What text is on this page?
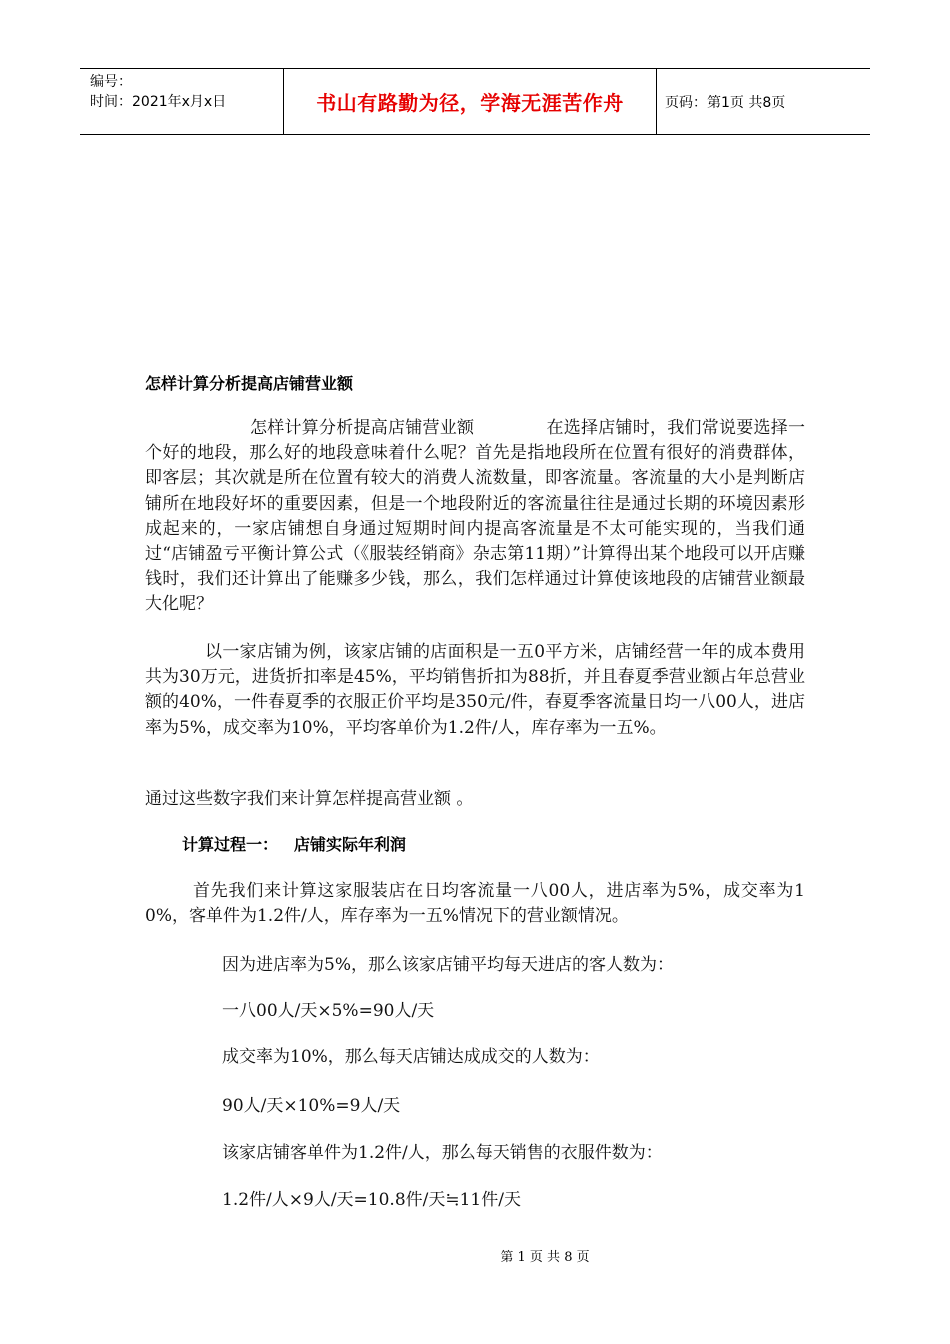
编号：
时间：2021年x月x日	书山有路勤为径，学海无涯苦作舟	页码：第1页 共8页
怎样计算分析提高店铺营业额

怎样计算分析提高店铺营业额	在选择店铺时，我们常说要选择一个好的地段，那么好的地段意味着什么呢？首先是指地段所在位置有很好的消费群体，即客层；其次就是所在位置有较大的消费人流数量，即客流量。客流量的大小是判断店铺所在地段好坏的重要因素，但是一个地段附近的客流量往往是通过长期的环境因素形成起来的，一家店铺想自身通过短期时间内提高客流量是不太可能实现的，当我们通过“店铺盈亏平衡计算公式（《服装经销商》杂志第11期）”计算得出某个地段可以开店赚钱时，我们还计算出了能赚多少钱，那么，我们怎样通过计算使该地段的店铺营业额最大化呢？

以一家店铺为例，该家店铺的店面积是一五0平方米，店铺经营一年的成本费用共为30万元，进货折扣率是45%，平均销售折扣为88折，并且春夏季营业额占年总营业额的40%，一件春夏季的衣服正价平均是350元/件，春夏季客流量日均一八00人，进店率为5%，成交率为10%，平均客单价为1.2件/人，库存率为一五%。

通过这些数字我们来计算怎样提高营业额 。

计算过程一： 店铺实际年利润

首先我们来计算这家服装店在日均客流量一八00人，进店率为5%，成交率为10%，客单件为1.2件/人，库存率为一五%情况下的营业额情况。

因为进店率为5%，那么该家店铺平均每天进店的客人数为：

一八00人/天×5%=90人/天

成交率为10%，那么每天店铺达成成交的人数为：

90人/天×10%=9人/天

该家店铺客单件为1.2件/人，那么每天销售的衣服件数为：

1.2件/人×9人/天=10.8件/天≒11件/天

第 1 页 共 8 页
